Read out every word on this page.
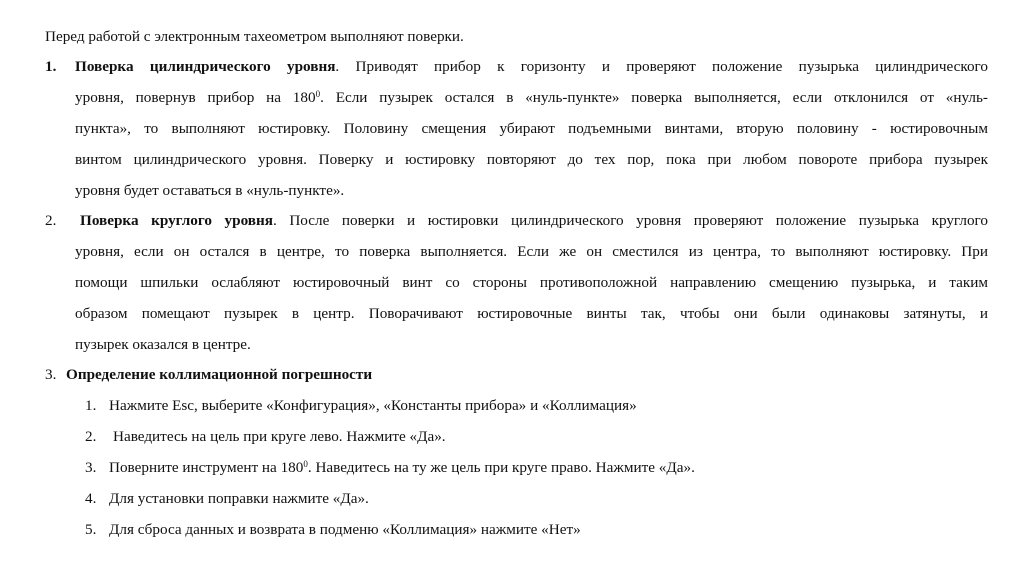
Перед работой с электронным тахеометром выполняют поверки.
1. Поверка цилиндрического уровня. Приводят прибор к горизонту и проверяют положение пузырька цилиндрического
уровня, повернув прибор на $180^0$. Если пузырек остался в «нуль-пункте» поверка выполняется, если отклонился от «нуль-
пункта», то выполняют юстировку. Половину смещения убирают подъемными винтами, вторую половину - юстировочным
винтом цилиндрического уровня. Поверку и юстировку повторяют до тех пор, пока при любом повороте прибора пузырек
уровня будет оставаться в «нуль-пункте».
2. Поверка круглого уровня. После поверки и юстировки цилиндрического уровня проверяют положение пузырька круглого
уровня, если он остался в центре, то поверка выполняется. Если же он сместился из центра, то выполняют юстировку. При
помощи шпильки ослабляют юстировочный винт со стороны противоположной направлению смещению пузырька, и таким
образом помещают пузырек в центр. Поворачивают юстировочные винты так, чтобы они были одинаковы затянуты, и
пузырек оказался в центре.
3. Определение коллимационной погрешности
1. Нажмите Esc, выберите «Конфигурация», «Константы прибора» и «Коллимация»
2. Наведитесь на цель при круге лево. Нажмите «Да».
3. Поверните инструмент на $180^0$. Наведитесь на ту же цель при круге право. Нажмите «Да».
4. Для установки поправки нажмите «Да».
5. Для сброса данных и возврата в подменю «Коллимация» нажмите «Нет»
